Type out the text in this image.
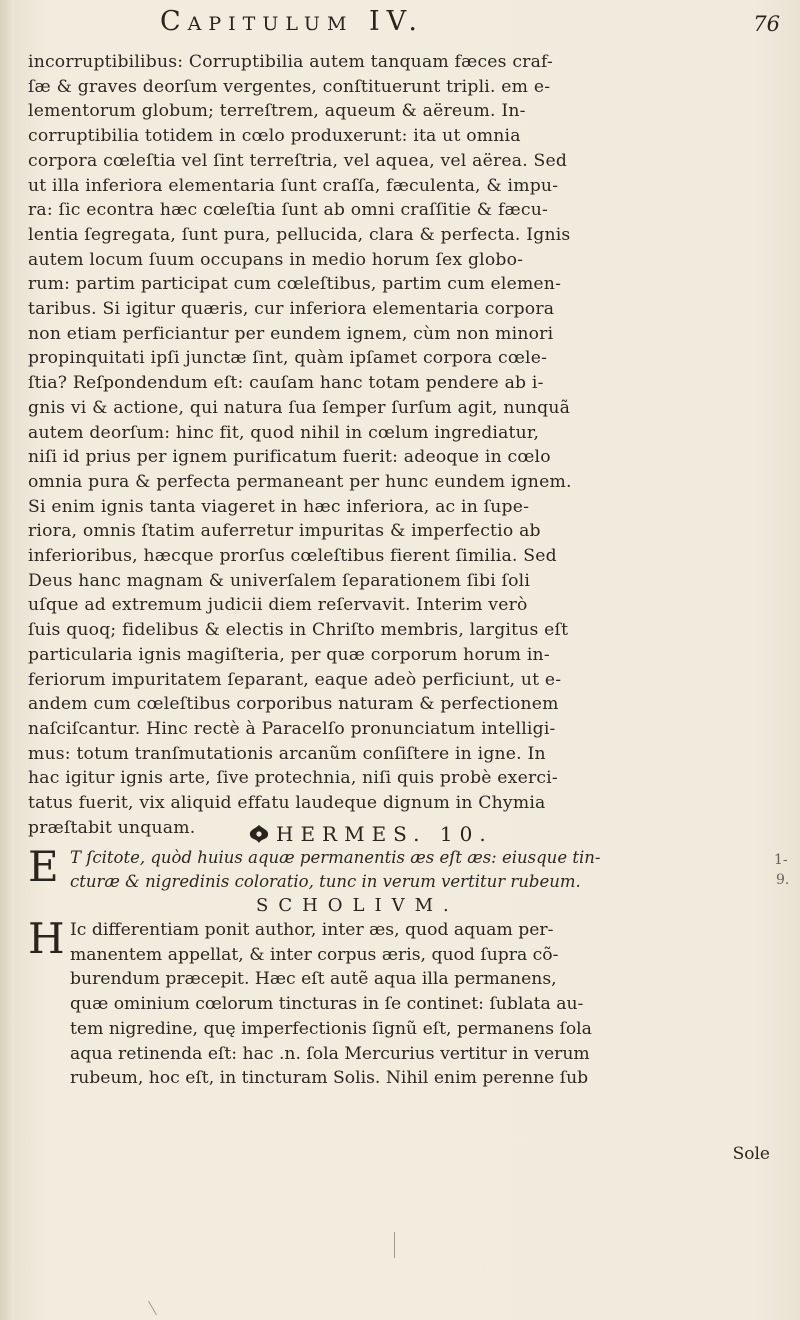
Capitulum IV.	76
incorruptibilibus: Corruptibilia autem tanquam fæces craf-
ſæ & graves deorſum vergentes, conſtituerunt tripli. em e-
lementorum globum; terreſtrem, aqueum & aëreum. In-
corruptibilia totidem in cœlo produxerunt: ita ut omnia
corpora cœleſtia vel ſint terreſtria, vel aquea, vel aërea. Sed
ut illa inferiora elementaria ſunt craſſa, fæculenta, & impu-
ra: ſic econtra hæc cœleſtia ſunt ab omni craſſitie & fæcu-
lentia ſegregata, ſunt pura, pellucida, clara & perfecta. Ignis
autem locum ſuum occupans in medio horum ſex globo-
rum: partim participat cum cœleſtibus, partim cum elemen-
taribus. Si igitur quæris, cur inferiora elementaria corpora
non etiam perficiantur per eundem ignem, cùm non minori
propinquitati ipſi junctæ ſint, quàm ipſamet corpora cœle-
ſtia? Reſpondendum eſt: cauſam hanc totam pendere ab i-
gnis vi & actione, qui natura ſua ſemper ſurſum agit, nunquã
autem deorſum: hinc fit, quod nihil in cœlum ingrediatur,
niſi id prius per ignem purificatum fuerit: adeoque in cœlo
omnia pura & perfecta permaneant per hunc eundem ignem.
Si enim ignis tanta viageret in hæc inferiora, ac in ſupe-
riora, omnis ſtatim auferretur impuritas & imperfectio ab
inferioribus, hæcque prorſus cœleſtibus fierent ſimilia. Sed
Deus hanc magnam & univerſalem ſeparationem ſibi ſoli
uſque ad extremum judicii diem reſervavit. Interim verò
ſuis quoq; fidelibus & electis in Chriſto membris, largitus eſt
particularia ignis magiſteria, per quæ corporum horum in-
feriorum impuritatem ſeparant, eaque adeò perficiunt, ut e-
andem cum cœleſtibus corporibus naturam & perfectionem
naſciſcantur. Hinc rectè à Paracelſo pronunciatum intelligi-
mus: totum tranſmutationis arcanũm conſiſtere in igne. In
hac igitur ignis arte, ſive protechnia, niſi quis probè exerci-
tatus fuerit, vix aliquid effatu laudeque dignum in Chymia
præſtabit unquam.	HERMES. 10.
E T ſcitote, quòd huius aquæ permanentis æs eſt æs: eiusque tin-
cturæ & nigredinis coloratio, tunc in verum vertitur rubeum.
SCHOLIVM.
H Ic differentiam ponit author, inter æs, quod aquam per-
manentem appellat, & inter corpus æris, quod ſupra cõ-
burendum præcepit. Hæc eſt autẽ aqua illa permanens,
quæ ominium cœlorum tincturas in ſe continet: ſublata au-
tem nigredine, quę imperfectionis ſignũ eſt, permanens ſola
aqua retinenda eſt: hac .n. ſola Mercurius vertitur in verum
rubeum, hoc eſt, in tincturam Solis. Nihil enim perenne ſub
Sole
1-
9.
